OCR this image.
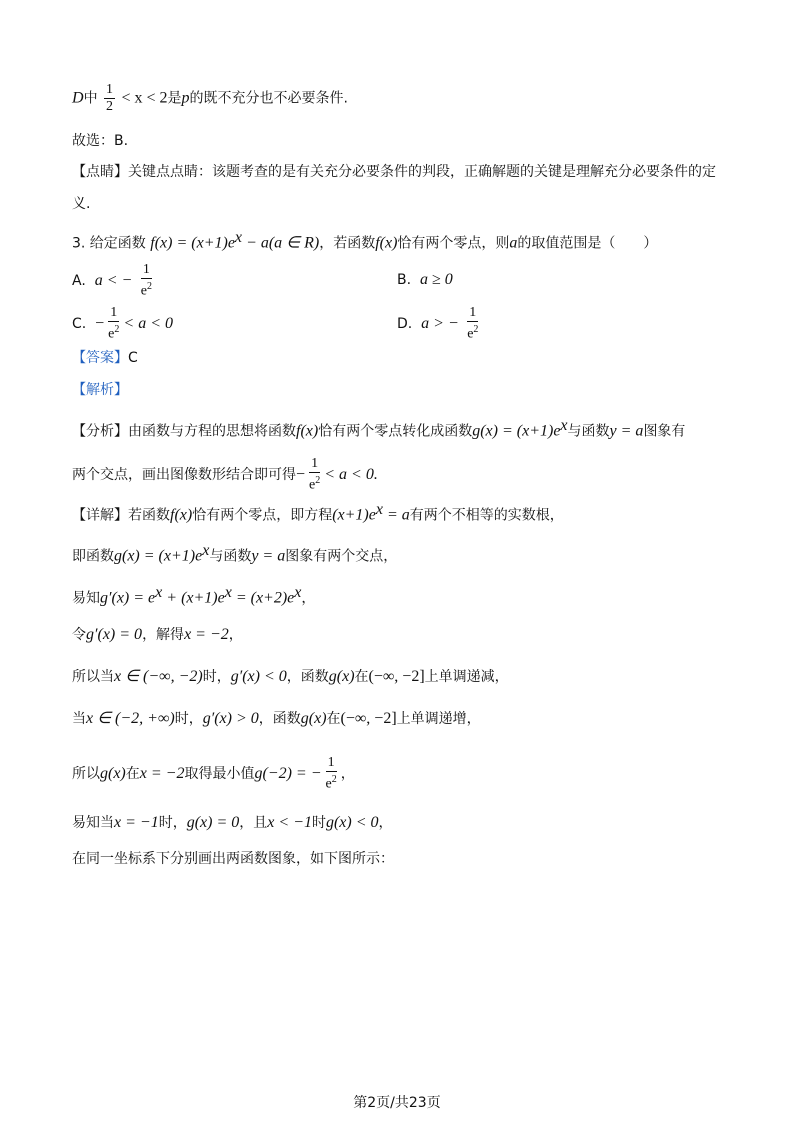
D中 $\frac{1}{2} < x < 2$是p的既不充分也不必要条件.
故选：B.
【点睛】关键点点睛：该题考查的是有关充分必要条件的判段，正确解题的关键是理解充分必要条件的定
义.
3. 给定函数 $f(x) = (x+1)e^x - a(a$ ∈ R)，若函数f(x)恰有两个零点，则a的取值范围是（　　）
A. a < − $\frac{1}{e^2}$	B. a ≥ 0
C. − $\frac{1}{e^2} < a < 0$	D. a > − $\frac{1}{e^2}$
【答案】C
【解析】
【分析】由函数与方程的思想将函数f(x)恰有两个零点转化成函数$g(x) = (x+1)e^x$与函数y = a图象有
两个交点，画出图像数形结合即可得− $\frac{1}{e^2} < a < 0$.
【详解】若函数f(x)恰有两个零点，即方程$(x+1)e^x = a$有两个不相等的实数根，
即函数$g(x) = (x+1)e^x$与函数y = a图象有两个交点，
易知$g'(x) = e^x + (x+1)e^x = (x+2)e^x$，
令g′(x) = 0，解得x = −2，
所以当x ∈ (−∞, −2)时，g′(x) < 0，函数g(x)在(−∞, −2]上单调递减，
当x ∈ (−2, +∞)时，g′(x) > 0，函数g(x)在(−∞, −2]上单调递增，
所以g(x)在x = −2取得最小值g(−2) = − $\frac{1}{e^2}$ ，
易知当x = −1时，g(x) = 0，且x < −1时g(x) < 0，
在同一坐标系下分别画出两函数图象，如下图所示：
第2页/共23页
